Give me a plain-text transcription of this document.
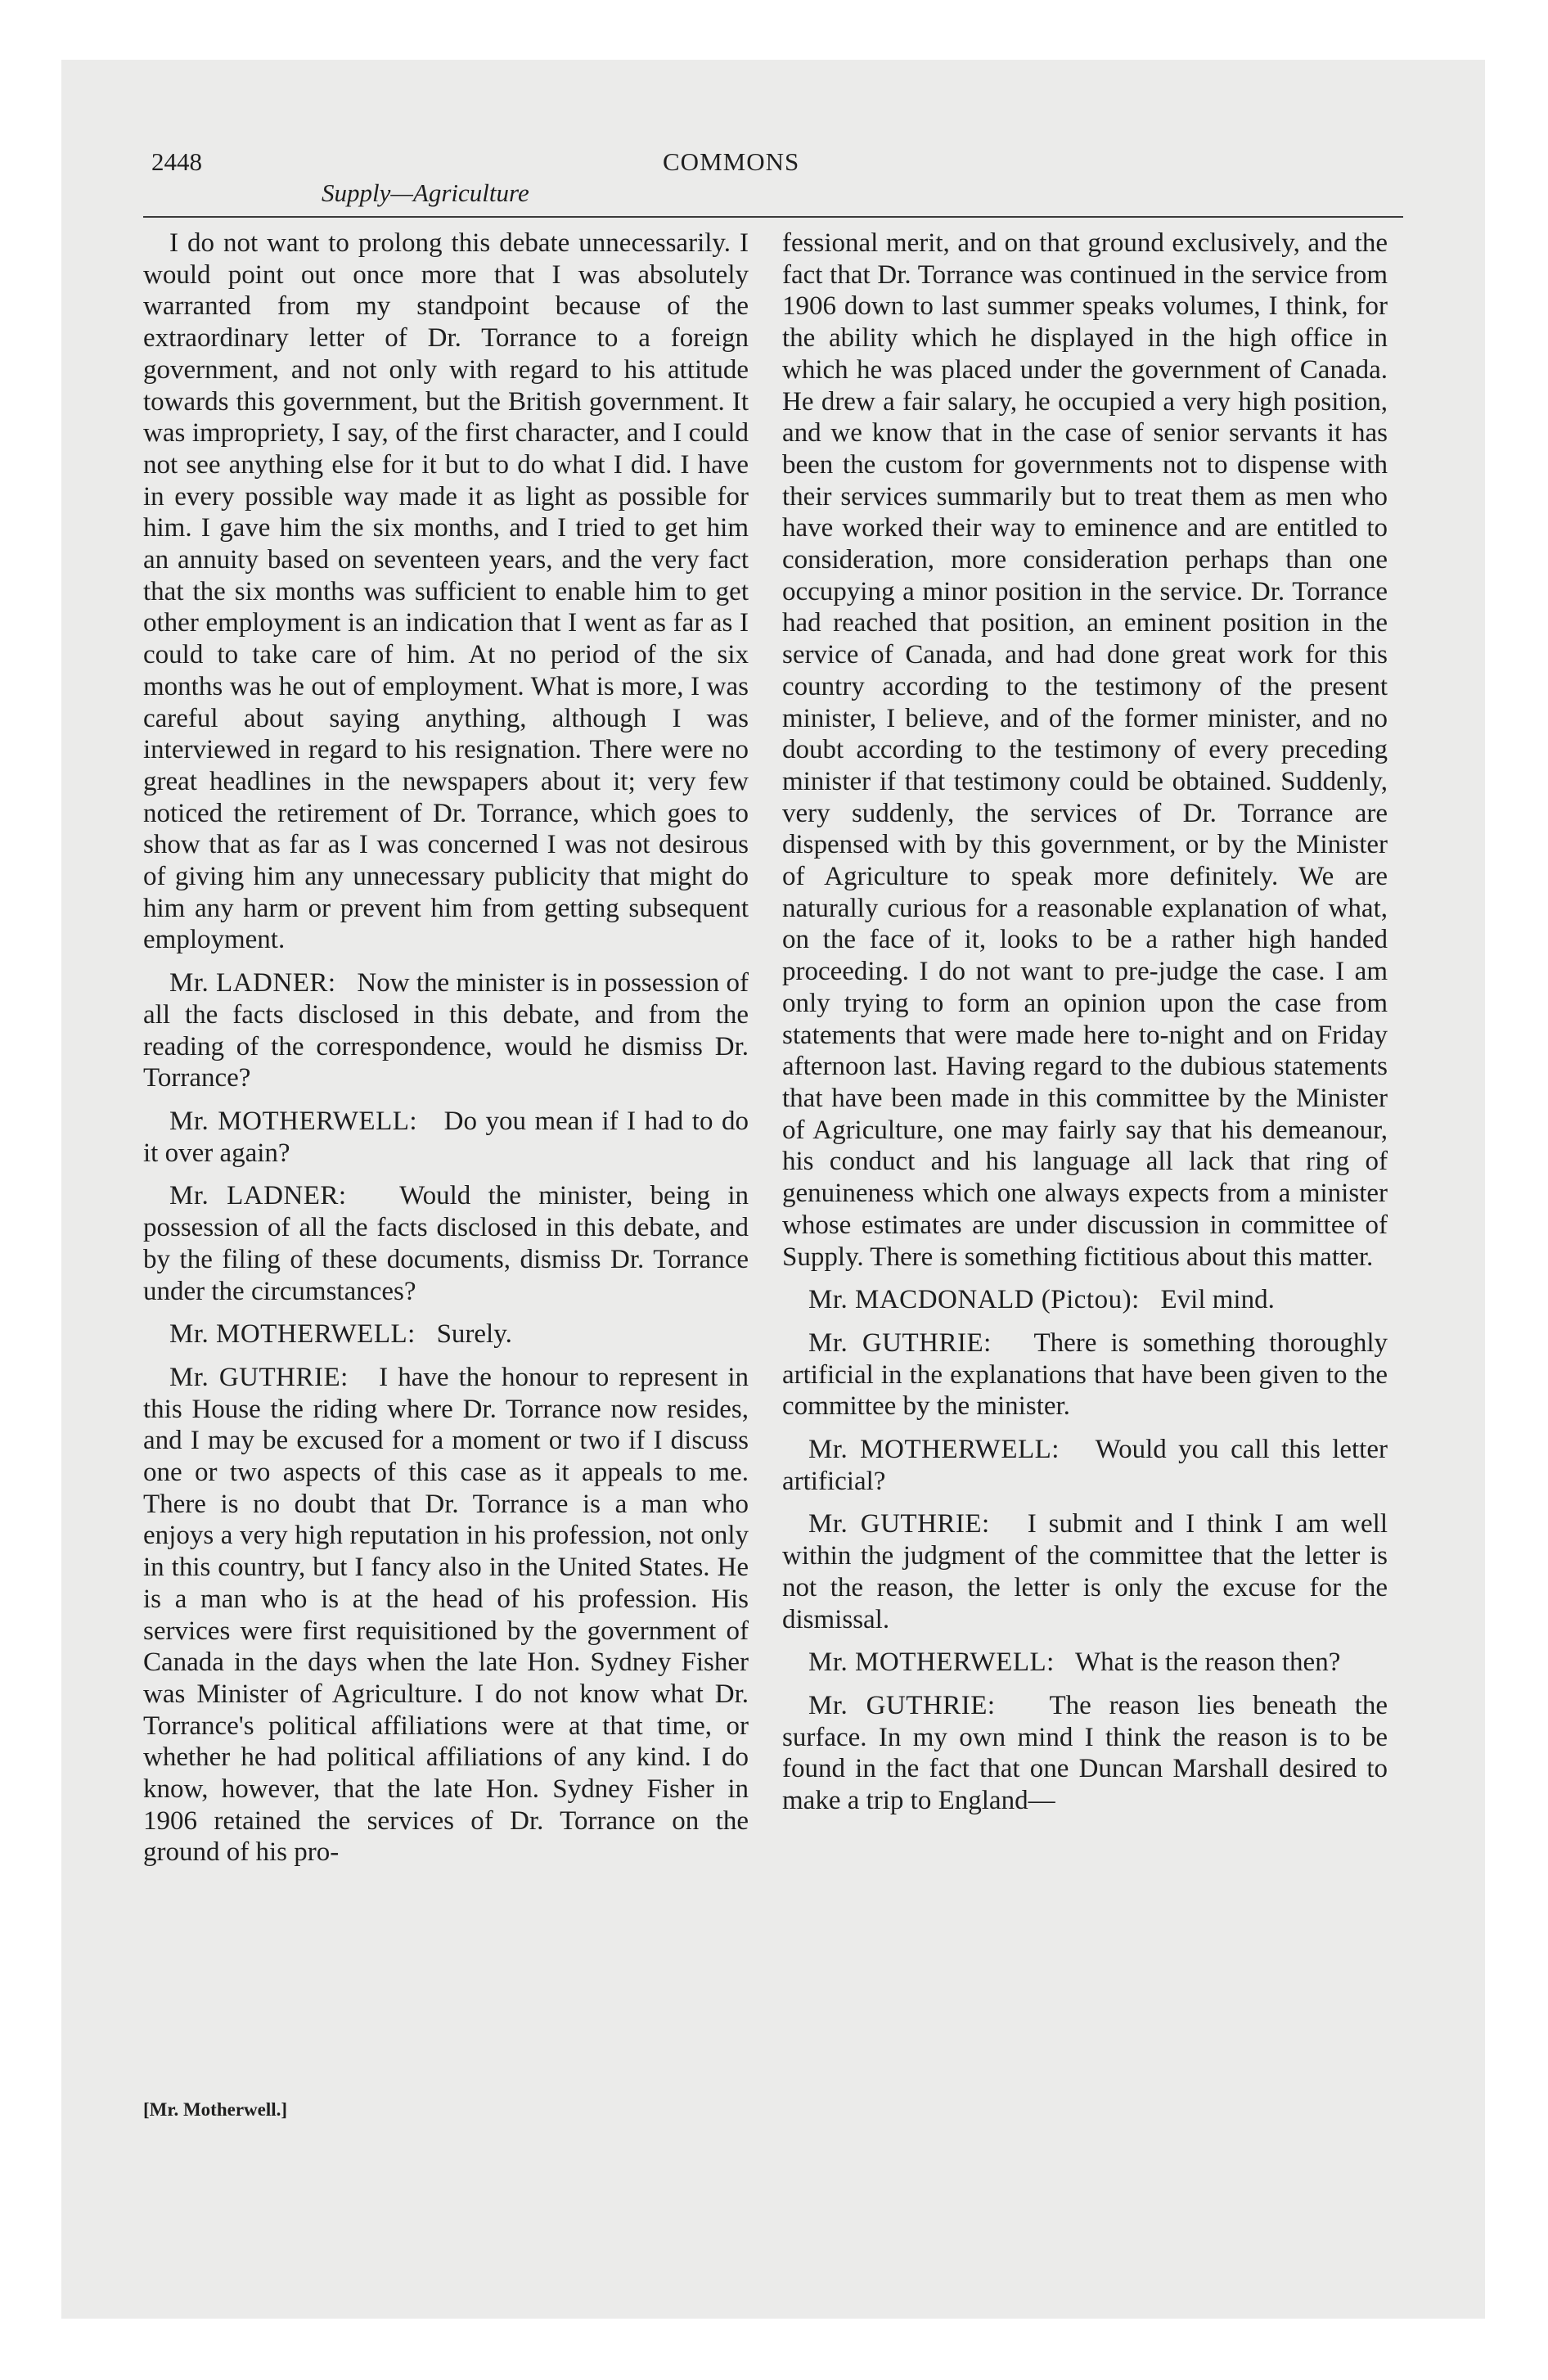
2448	COMMONS
Supply—Agriculture

I do not want to prolong this debate unnecessarily. I would point out once more that I was absolutely warranted from my standpoint because of the extraordinary letter of Dr. Torrance to a foreign government, and not only with regard to his attitude towards this government, but the British government. It was impropriety, I say, of the first character, and I could not see anything else for it but to do what I did. I have in every possible way made it as light as possible for him. I gave him the six months, and I tried to get him an annuity based on seventeen years, and the very fact that the six months was sufficient to enable him to get other employment is an indication that I went as far as I could to take care of him. At no period of the six months was he out of employment. What is more, I was careful about saying anything, although I was interviewed in regard to his resignation. There were no great headlines in the newspapers about it; very few noticed the retirement of Dr. Torrance, which goes to show that as far as I was concerned I was not desirous of giving him any unnecessary publicity that might do him any harm or prevent him from getting subsequent employment.

Mr. LADNER:   Now the minister is in possession of all the facts disclosed in this debate, and from the reading of the correspondence, would he dismiss Dr. Torrance?

Mr. MOTHERWELL:   Do you mean if I had to do it over again?

Mr. LADNER:   Would the minister, being in possession of all the facts disclosed in this debate, and by the filing of these documents, dismiss Dr. Torrance under the circumstances?

Mr. MOTHERWELL:   Surely.

Mr. GUTHRIE:   I have the honour to represent in this House the riding where Dr. Torrance now resides, and I may be excused for a moment or two if I discuss one or two aspects of this case as it appeals to me. There is no doubt that Dr. Torrance is a man who enjoys a very high reputation in his profession, not only in this country, but I fancy also in the United States. He is a man who is at the head of his profession. His services were first requisitioned by the government of Canada in the days when the late Hon. Sydney Fisher was Minister of Agriculture. I do not know what Dr. Torrance's political affiliations were at that time, or whether he had political affiliations of any kind. I do know, however, that the late Hon. Sydney Fisher in 1906 retained the services of Dr. Torrance on the ground of his pro-

fessional merit, and on that ground exclusively, and the fact that Dr. Torrance was continued in the service from 1906 down to last summer speaks volumes, I think, for the ability which he displayed in the high office in which he was placed under the government of Canada. He drew a fair salary, he occupied a very high position, and we know that in the case of senior servants it has been the custom for governments not to dispense with their services summarily but to treat them as men who have worked their way to eminence and are entitled to consideration, more consideration perhaps than one occupying a minor position in the service. Dr. Torrance had reached that position, an eminent position in the service of Canada, and had done great work for this country according to the testimony of the present minister, I believe, and of the former minister, and no doubt according to the testimony of every preceding minister if that testimony could be obtained. Suddenly, very suddenly, the services of Dr. Torrance are dispensed with by this government, or by the Minister of Agriculture to speak more definitely. We are naturally curious for a reasonable explanation of what, on the face of it, looks to be a rather high handed proceeding. I do not want to pre-judge the case. I am only trying to form an opinion upon the case from statements that were made here to-night and on Friday afternoon last. Having regard to the dubious statements that have been made in this committee by the Minister of Agriculture, one may fairly say that his demeanour, his conduct and his language all lack that ring of genuineness which one always expects from a minister whose estimates are under discussion in committee of Supply. There is something fictitious about this matter.

Mr. MACDONALD (Pictou):   Evil mind.

Mr. GUTHRIE:   There is something thoroughly artificial in the explanations that have been given to the committee by the minister.

Mr. MOTHERWELL:   Would you call this letter artificial?

Mr. GUTHRIE:   I submit and I think I am well within the judgment of the committee that the letter is not the reason, the letter is only the excuse for the dismissal.

Mr. MOTHERWELL:   What is the reason then?

Mr. GUTHRIE:   The reason lies beneath the surface. In my own mind I think the reason is to be found in the fact that one Duncan Marshall desired to make a trip to England—

[Mr. Motherwell.]
